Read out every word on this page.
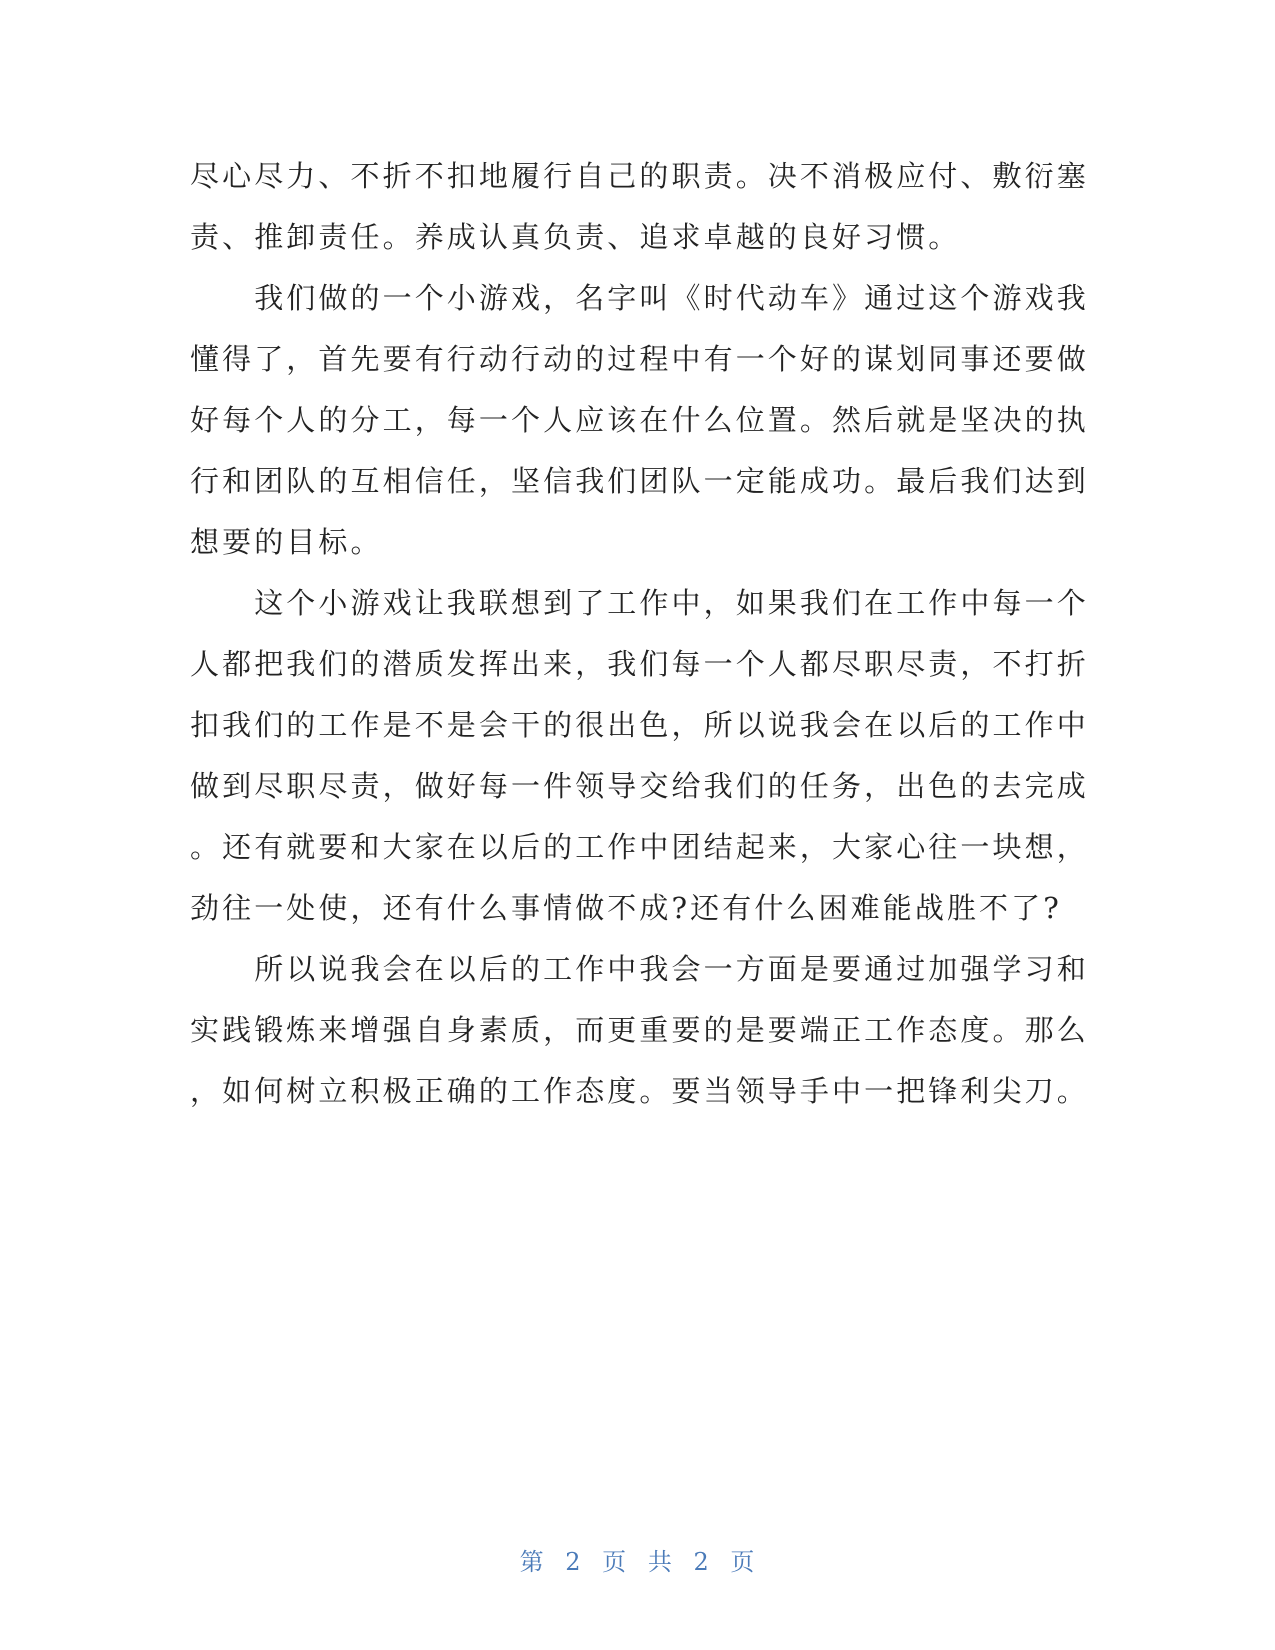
尽心尽力、不折不扣地履行自己的职责。决不消极应付、敷衍塞
责、推卸责任。养成认真负责、追求卓越的良好习惯。
　　我们做的一个小游戏，名字叫《时代动车》通过这个游戏我
懂得了，首先要有行动行动的过程中有一个好的谋划同事还要做
好每个人的分工，每一个人应该在什么位置。然后就是坚决的执
行和团队的互相信任，坚信我们团队一定能成功。最后我们达到
想要的目标。
　　这个小游戏让我联想到了工作中，如果我们在工作中每一个
人都把我们的潜质发挥出来，我们每一个人都尽职尽责，不打折
扣我们的工作是不是会干的很出色，所以说我会在以后的工作中
做到尽职尽责，做好每一件领导交给我们的任务，出色的去完成
。还有就要和大家在以后的工作中团结起来，大家心往一块想，
劲往一处使，还有什么事情做不成?还有什么困难能战胜不了?
　　所以说我会在以后的工作中我会一方面是要通过加强学习和
实践锻炼来增强自身素质，而更重要的是要端正工作态度。那么
，如何树立积极正确的工作态度。要当领导手中一把锋利尖刀。
第 2 页 共 2 页
